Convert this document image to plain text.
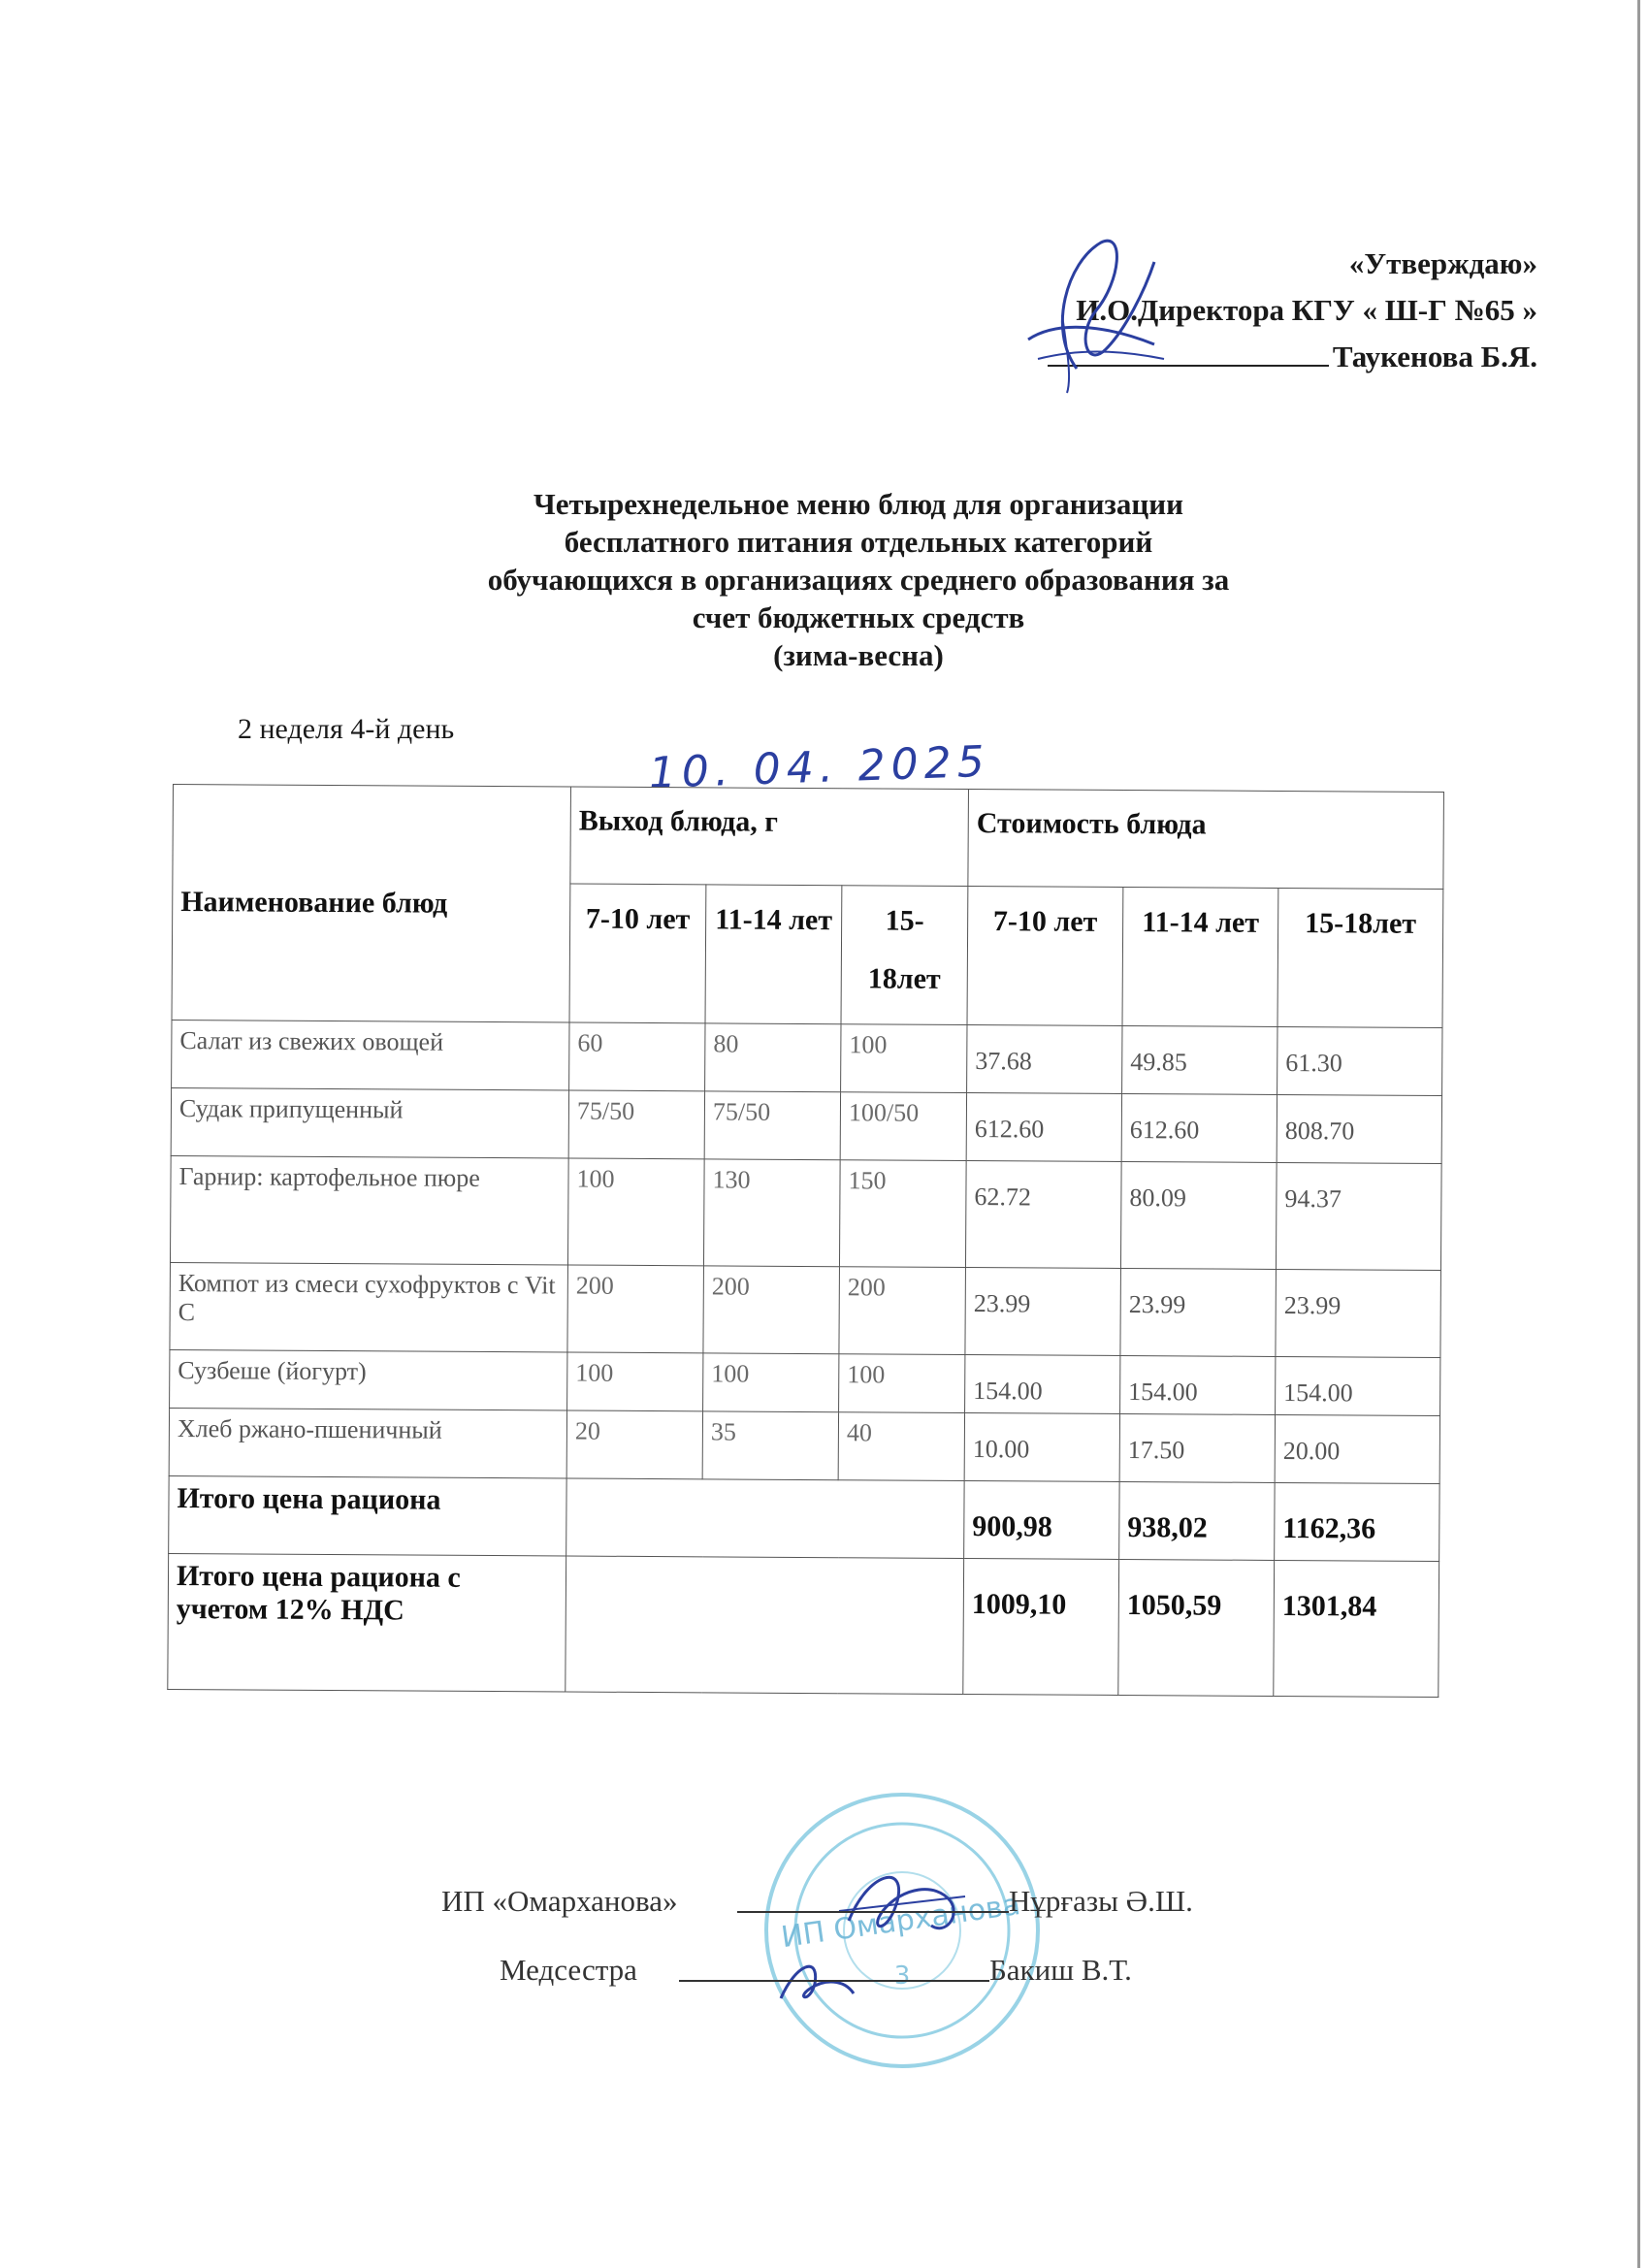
«Утверждаю»
И.О.Директора КГУ « Ш-Г №65 »
Таукенова Б.Я.
Четырехнедельное меню блюд для организации
бесплатного питания отдельных категорий
обучающихся в организациях среднего образования за
счет бюджетных средств
(зима-весна)
2 неделя 4-й день
10. 04. 2025
Наименование блюд	Выход блюда, г			Стоимость блюда		
	7-10 лет	11-14 лет	15-18лет	7-10 лет	11-14 лет	15-18лет
Салат из свежих овощей	60	80	100	37.68	49.85	61.30
Судак припущенный	75/50	75/50	100/50	612.60	612.60	808.70
Гарнир: картофельное пюре	100	130	150	62.72	80.09	94.37
Компот из смеси сухофруктов с Vit C	200	200	200	23.99	23.99	23.99
Сузбеше (йогурт)	100	100	100	154.00	154.00	154.00
Хлеб ржано-пшеничный	20	35	40	10.00	17.50	20.00
Итого цена рациона				900,98	938,02	1162,36
Итого цена рациона с учетом 12% НДС				1009,10	1050,59	1301,84
ИП Омарханова
3
ИП «Омарханова»	Нұрғазы Ә.Ш.
Медсестра	Бакиш В.Т.
